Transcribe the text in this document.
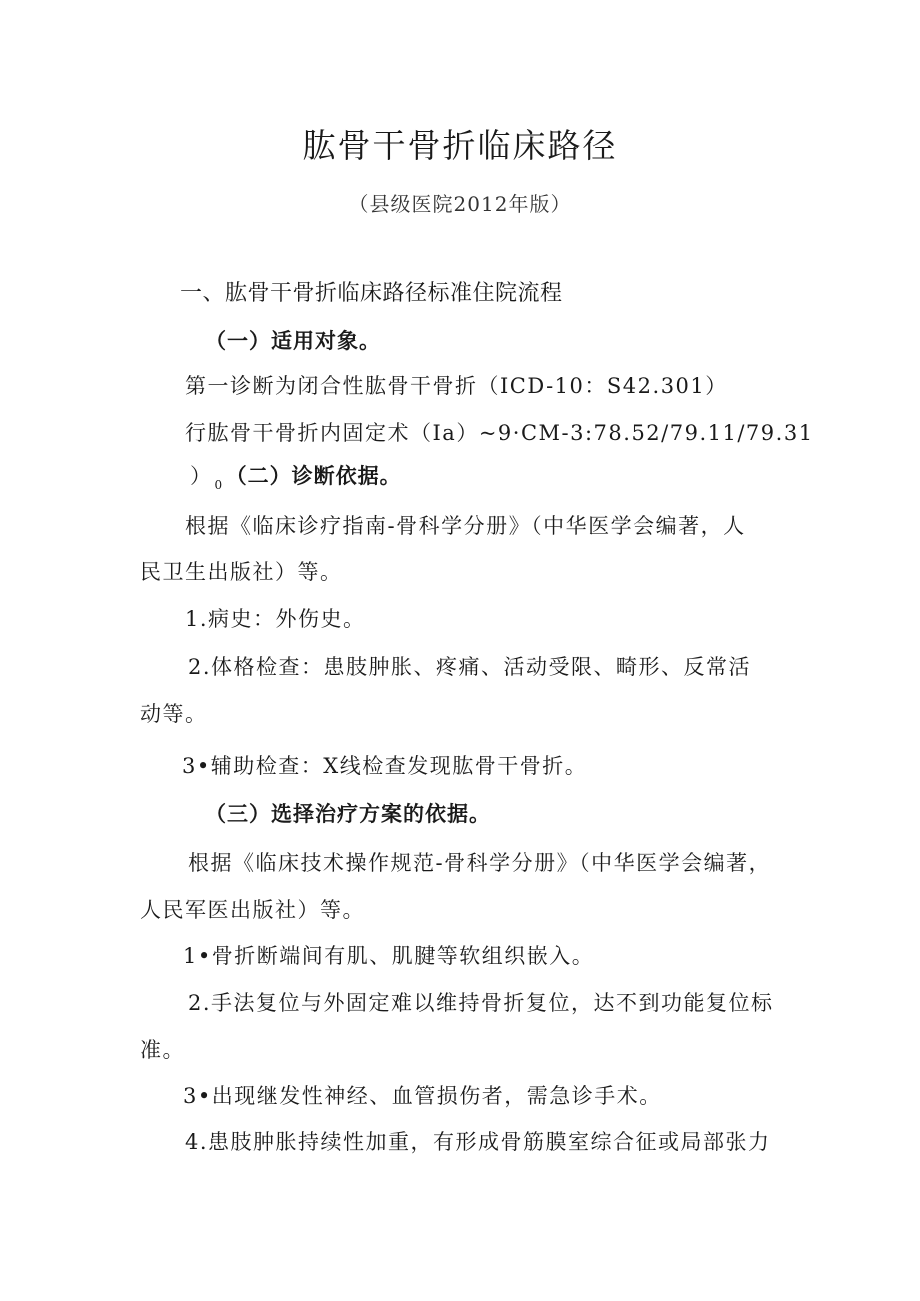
肱骨干骨折临床路径
（县级医院2012年版）
一、肱骨干骨折临床路径标准住院流程
（一）适用对象。
第一诊断为闭合性肱骨干骨折（ICD-10：S42.301）
行肱骨干骨折内固定术（Ia）~9·CM-3:78.52/79.11/79.31
） $_0$（二）诊断依据。
根据《临床诊疗指南-骨科学分册》（中华医学会编著，人
民卫生出版社）等。
1.病史：外伤史。
2.体格检查：患肢肿胀、疼痛、活动受限、畸形、反常活
动等。
3•辅助检查：X线检查发现肱骨干骨折。
（三）选择治疗方案的依据。
根据《临床技术操作规范-骨科学分册》（中华医学会编著，
人民军医出版社）等。
1•骨折断端间有肌、肌腱等软组织嵌入。
2.手法复位与外固定难以维持骨折复位，达不到功能复位标
准。
3•出现继发性神经、血管损伤者，需急诊手术。
4.患肢肿胀持续性加重，有形成骨筋膜室综合征或局部张力
